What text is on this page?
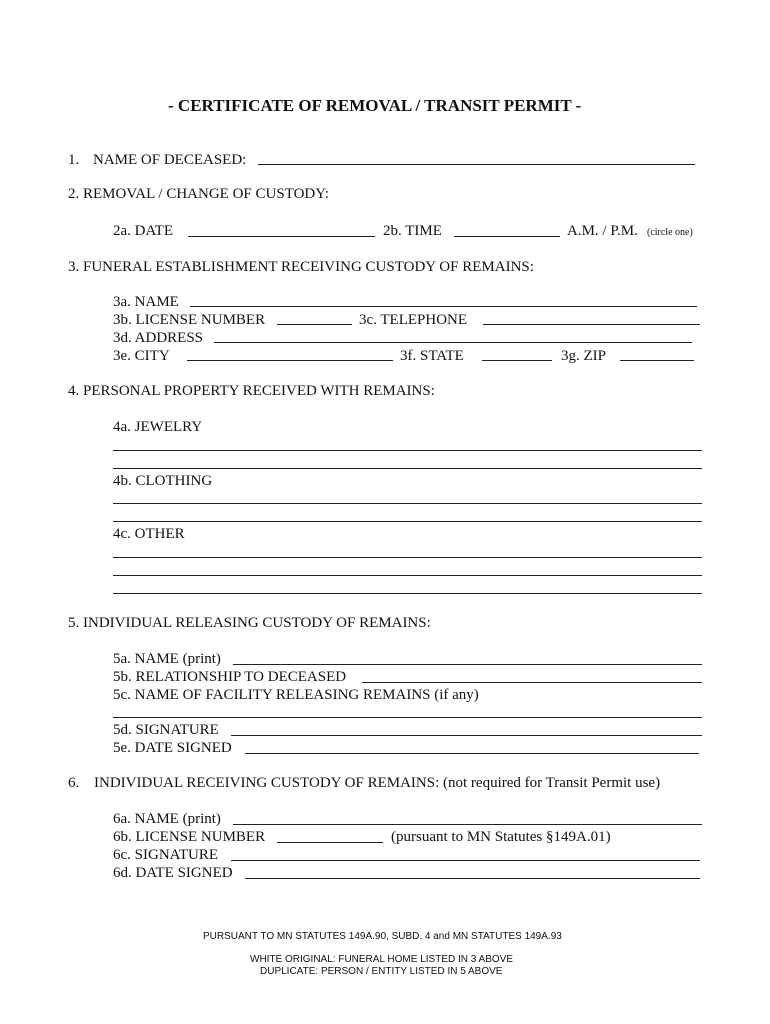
- CERTIFICATE OF REMOVAL / TRANSIT PERMIT -
1. NAME OF DECEASED:
2. REMOVAL / CHANGE OF CUSTODY:
2a. DATE	2b. TIME	A.M. / P.M. (circle one)
3. FUNERAL ESTABLISHMENT RECEIVING CUSTODY OF REMAINS:
3a. NAME
3b. LICENSE NUMBER	3c. TELEPHONE
3d. ADDRESS
3e. CITY	3f. STATE	3g. ZIP
4. PERSONAL PROPERTY RECEIVED WITH REMAINS:
4a. JEWELRY
4b. CLOTHING
4c. OTHER
5. INDIVIDUAL RELEASING CUSTODY OF REMAINS:
5a. NAME (print)
5b. RELATIONSHIP TO DECEASED
5c. NAME OF FACILITY RELEASING REMAINS (if any)
5d. SIGNATURE
5e. DATE SIGNED
6. INDIVIDUAL RECEIVING CUSTODY OF REMAINS: (not required for Transit Permit use)
6a. NAME (print)
6b. LICENSE NUMBER	(pursuant to MN Statutes §149A.01)
6c. SIGNATURE
6d. DATE SIGNED
PURSUANT TO MN STATUTES 149A.90, SUBD. 4 and MN STATUTES 149A.93
WHITE ORIGINAL: FUNERAL HOME LISTED IN 3 ABOVE
DUPLICATE: PERSON / ENTITY LISTED IN 5 ABOVE
